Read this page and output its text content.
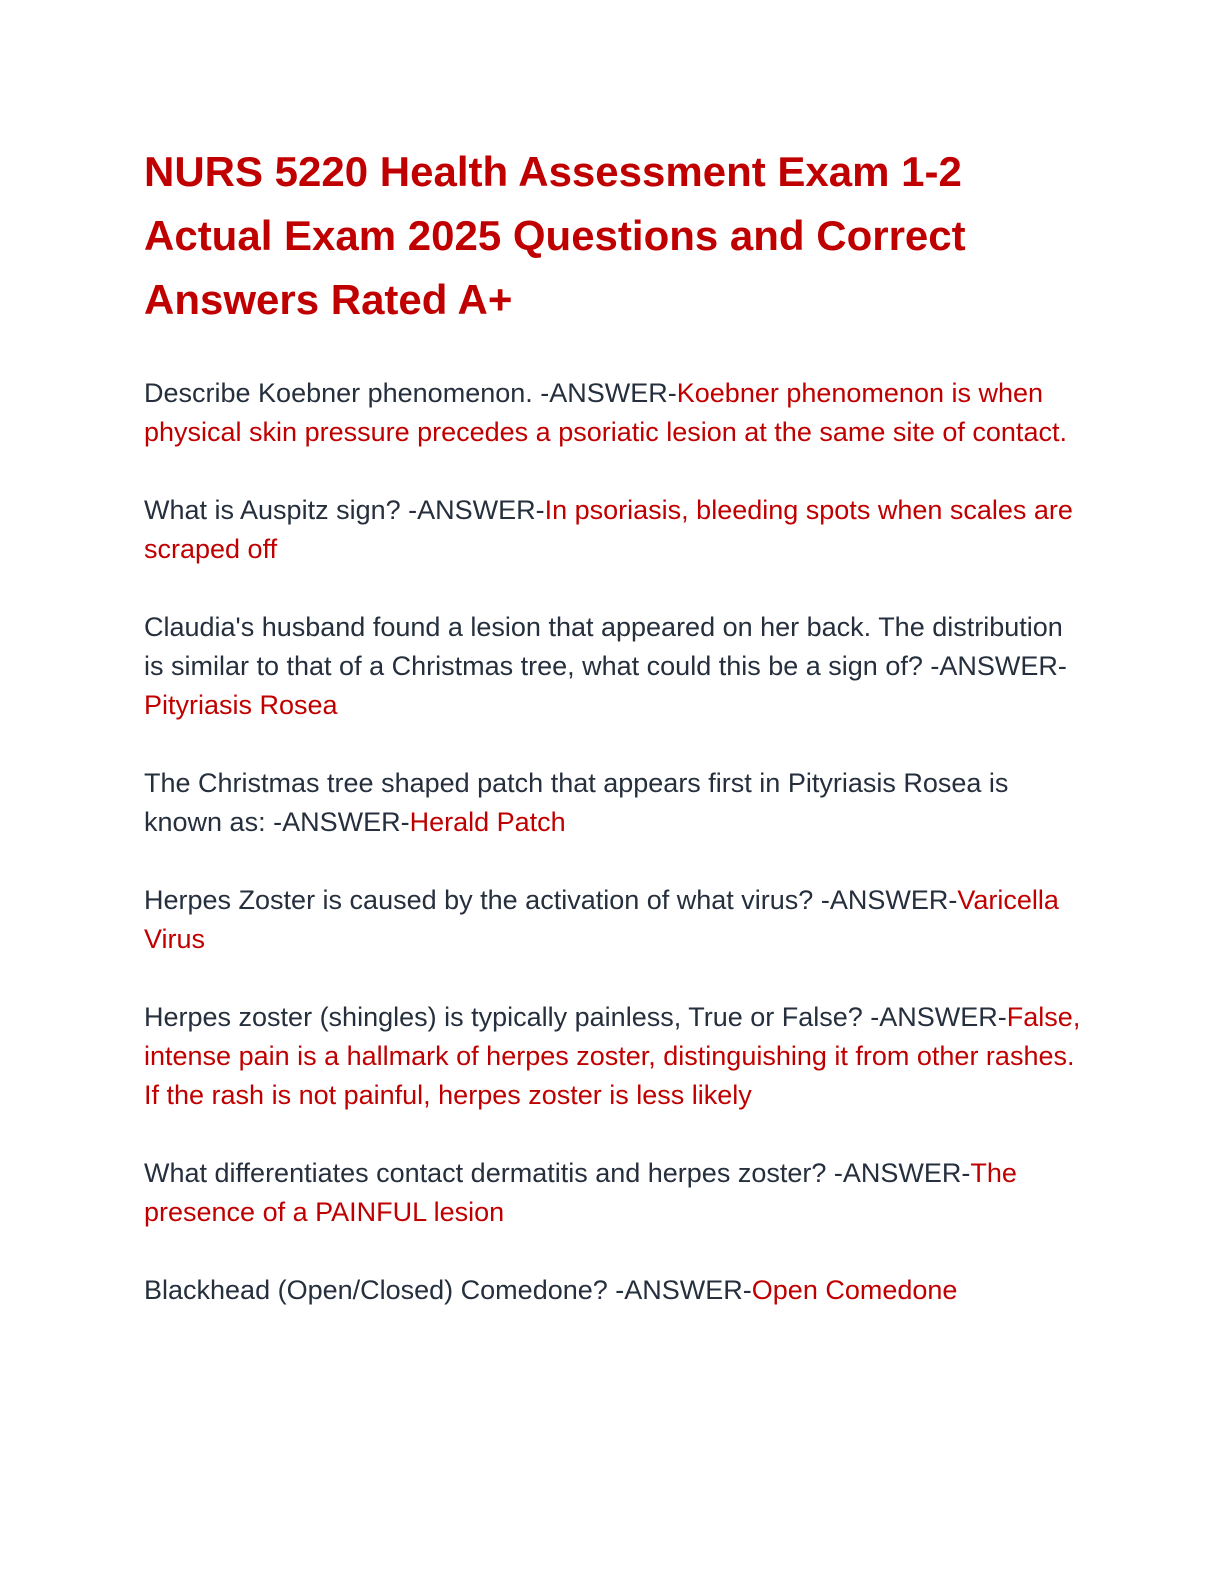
NURS 5220 Health Assessment Exam 1-2 Actual Exam 2025 Questions and Correct Answers Rated A+

Describe Koebner phenomenon. -ANSWER-Koebner phenomenon is when physical skin pressure precedes a psoriatic lesion at the same site of contact.

What is Auspitz sign? -ANSWER-In psoriasis, bleeding spots when scales are scraped off

Claudia's husband found a lesion that appeared on her back. The distribution is similar to that of a Christmas tree, what could this be a sign of? -ANSWER-Pityriasis Rosea

The Christmas tree shaped patch that appears first in Pityriasis Rosea is known as: -ANSWER-Herald Patch

Herpes Zoster is caused by the activation of what virus? -ANSWER-Varicella Virus

Herpes zoster (shingles) is typically painless, True or False? -ANSWER-False, intense pain is a hallmark of herpes zoster, distinguishing it from other rashes. If the rash is not painful, herpes zoster is less likely

What differentiates contact dermatitis and herpes zoster? -ANSWER-The presence of a PAINFUL lesion

Blackhead (Open/Closed) Comedone? -ANSWER-Open Comedone
